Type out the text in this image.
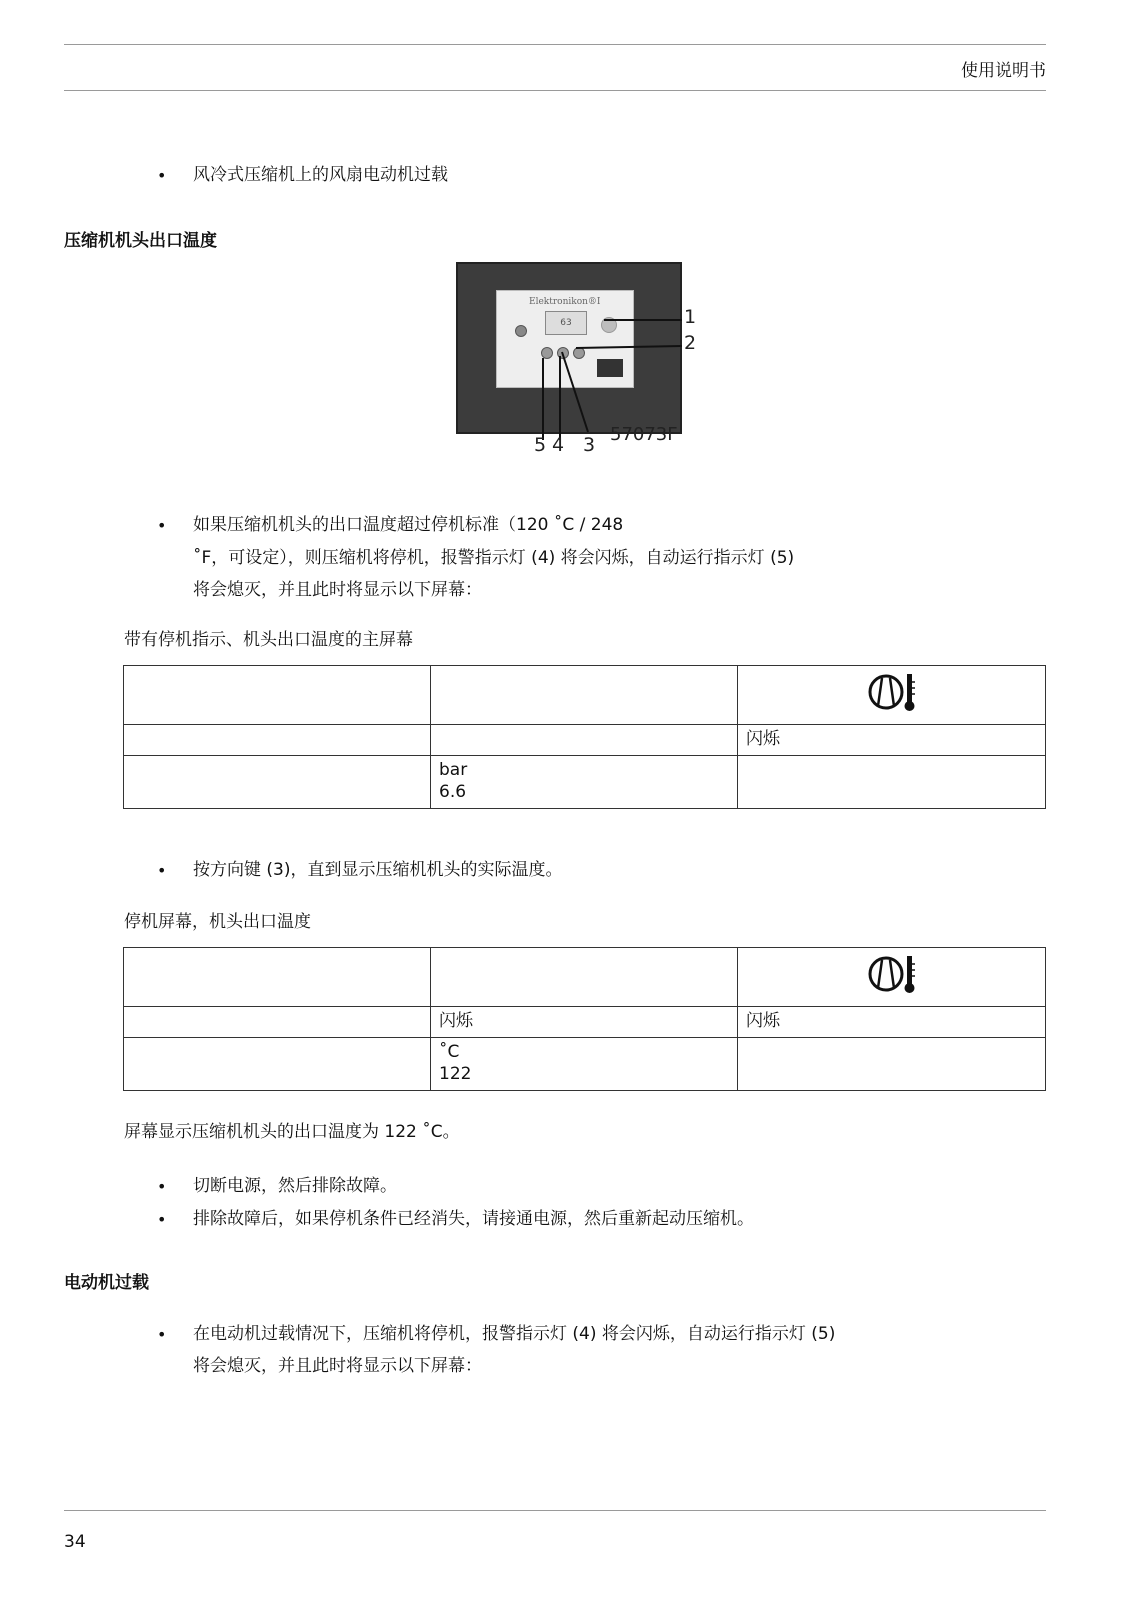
使用说明书
• 风冷式压缩机上的风扇电动机过载
压缩机机头出口温度
Elektronikon®I
63	1
2
5 4 3 57073F
• 如果压缩机机头的出口温度超过停机标准（120 ˚C / 248
˚F，可设定），则压缩机将停机，报警指示灯 (4) 将会闪烁，自动运行指示灯 (5)
将会熄灭，并且此时将显示以下屏幕：
带有停机指示、机头出口温度的主屏幕

		闪烁

	bar
6.6	

• 按方向键 (3)，直到显示压缩机机头的实际温度。
停机屏幕，机头出口温度

	闪烁	闪烁

	˚C
122	

屏幕显示压缩机机头的出口温度为 122 ˚C。
• 切断电源，然后排除故障。
• 排除故障后，如果停机条件已经消失，请接通电源，然后重新起动压缩机。
电动机过载
• 在电动机过载情况下，压缩机将停机，报警指示灯 (4) 将会闪烁，自动运行指示灯 (5)
将会熄灭，并且此时将显示以下屏幕：
34
